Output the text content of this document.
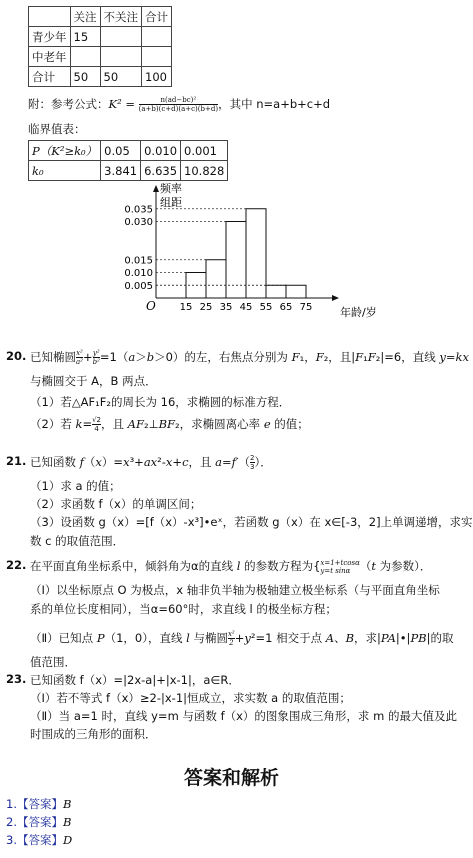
	关注	不关注	合计
青少年	15		
中老年			
合计	50	50	100
附：参考公式：$K^2 = \frac{\text{n(ad−bc)²}}{(a+b)(c+d)(a+c)(b+d)}$ ，其中 n=a+b+c+d
临界值表：
P（K²≥k₀）	0.05	0.010	0.001
k₀	3.841	6.635	10.828
0.035
0.030
0.015
0.010
0.005
15 25 35 45 55 65 75
频率
组距
年龄/岁
O
20. 已知椭圆 $\frac{\text{x²}}{\text{a²}} + \frac{\text{y²}}{\text{b²}} =1(a>b>0)$的左，右焦点分别为 F₁，F₂，且|F₁F₂|=6，直线 y=kx
与椭圆交于 A，B 两点．
（1）若△AF₁F₂的周长为 16，求椭圆的标准方程．
（2）若 $k= \frac{√2}{4}$ ，且 AF₂⊥BF₂，求椭圆离心率 e 的值；
21. 已知函数 f（x）=x³+ax²-x+c，且 $a=f'( \frac{2}{3}$ ）．
（1）求 a 的值；
（2）求函数 f（x）的单调区间；
（3）设函数 g（x）=[f（x）-x³]•eˣ，若函数 g（x）在 x∈[-3，2]上单调递增，求实
数 c 的取值范围．
22. 在平面直角坐标系中，倾斜角为α的直线 l 的参数方程为{ x=1+tcosα
y=t sinα （t 为参数）．
（Ⅰ）以坐标原点 O 为极点，x 轴非负半轴为极轴建立极坐标系（与平面直角坐标
系的单位长度相同），当α=60°时，求直线 l 的极坐标方程；
（Ⅱ）已知点 P（1，0），直线 l 与椭圆 $\frac{\text{x²}}{2} +y^2=1$ 相交于点 A、B，求|PA|•|PB|的取
值范围．
23. 已知函数 f（x）=|2x-a|+|x-1|，a∈R．
（Ⅰ）若不等式 f（x）≥2-|x-1|恒成立，求实数 a 的取值范围；
（Ⅱ）当 a=1 时，直线 y=m 与函数 f（x）的图象围成三角形，求 m 的最大值及此
时围成的三角形的面积．
答案和解析
1.【答案】B
2.【答案】B
3.【答案】D
